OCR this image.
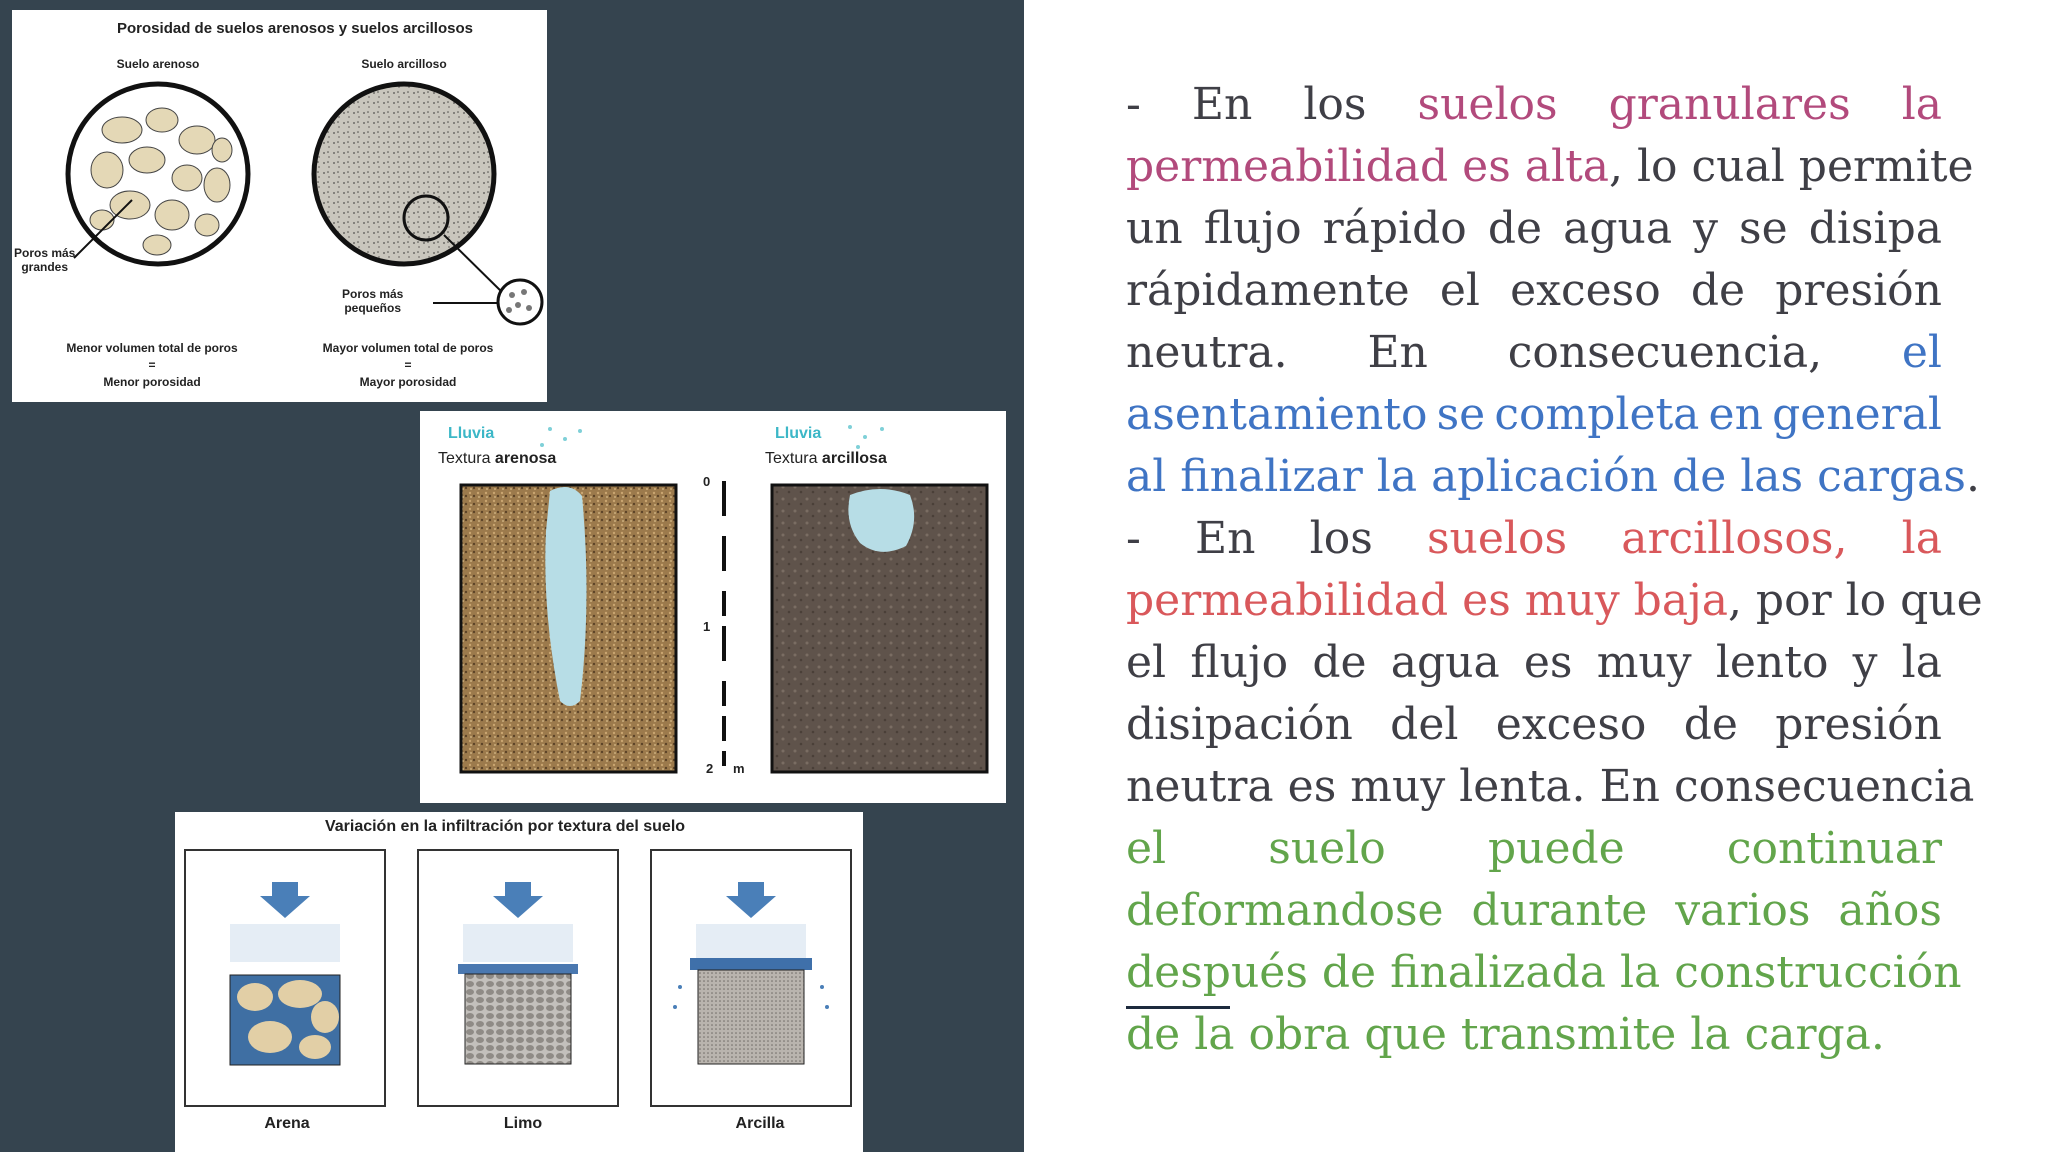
Porosidad de suelos arenosos y suelos arcillosos
Suelo arenoso	Suelo arcilloso
Poros más
grandes
Poros más
pequeños
Menor volumen total de poros
=
Menor porosidad
Mayor volumen total de poros
=
Mayor porosidad
Lluvia	Lluvia
Textura arenosa	Textura arcillosa
0
1
2 m
Variación en la infiltración por textura del suelo
Arena	Limo	Arcilla
- En los suelos granulares la
permeabilidad es alta, lo cual permite
un flujo rápido de agua y se disipa
rápidamente el exceso de presión
neutra. En consecuencia, el
asentamiento se completa en general
al finalizar la aplicación de las cargas.
- En los suelos arcillosos, la
permeabilidad es muy baja, por lo que
el flujo de agua es muy lento y la
disipación del exceso de presión
neutra es muy lenta. En consecuencia
el suelo puede continuar
deformandose durante varios años
después de finalizada la construcción
de la obra que transmite la carga.
